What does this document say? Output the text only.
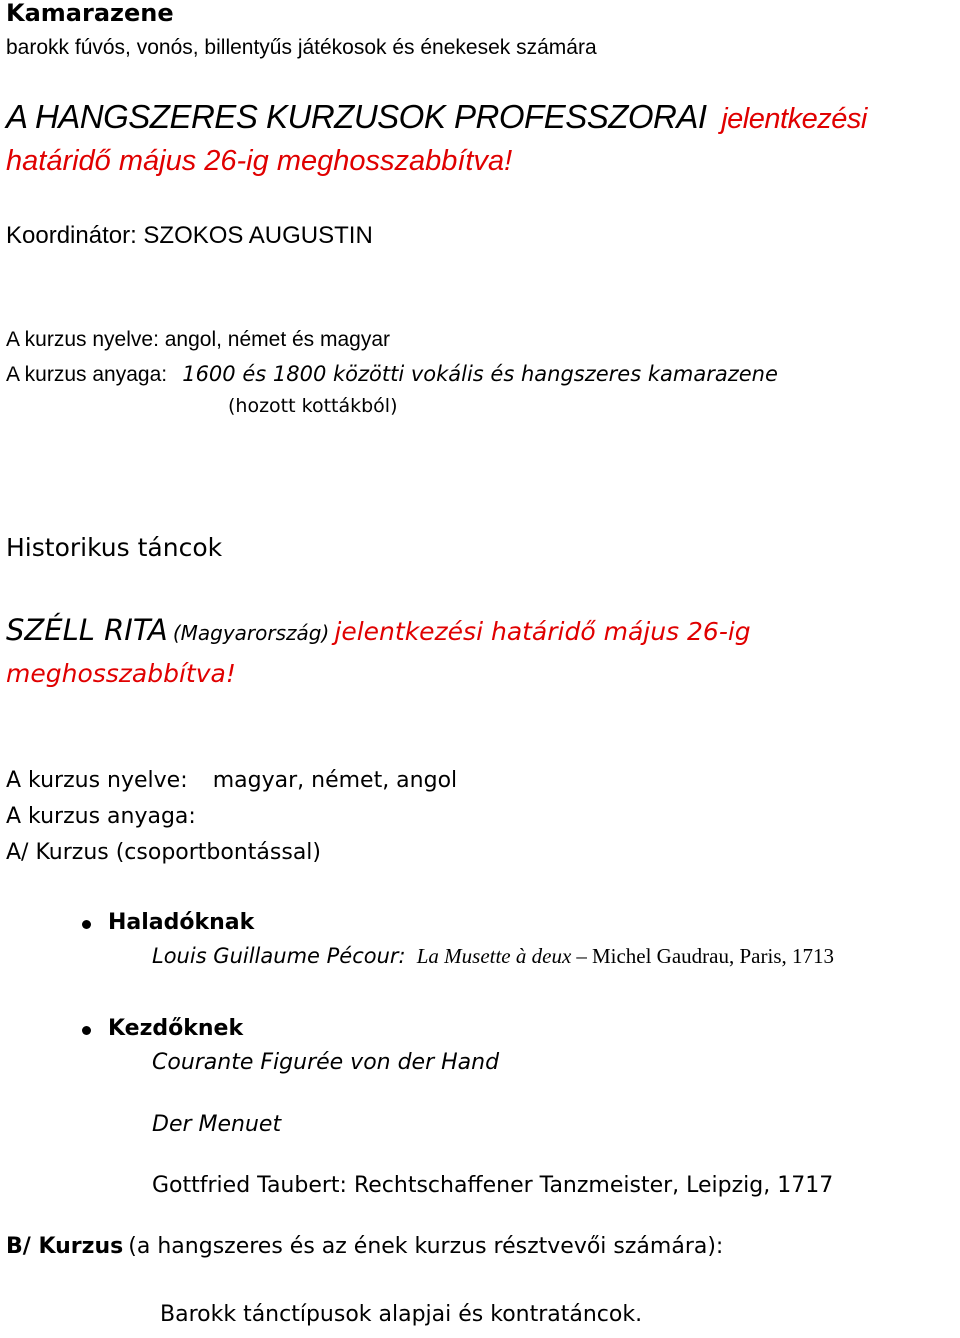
Kamarazene
barokk fúvós, vonós, billentyűs játékosok és énekesek számára
A HANGSZERES KURZUSOK PROFESSZORAI jelentkezési
határidő május 26-ig meghosszabbítva!
Koordinátor: SZOKOS AUGUSTIN
A kurzus nyelve: angol, német és magyar
A kurzus anyaga: 1600 és 1800 közötti vokális és hangszeres kamarazene
(hozott kottákból)
Historikus táncok
SZÉLL RITA (Magyarország) jelentkezési határidő május 26-ig
meghosszabbítva!
A kurzus nyelve: magyar, német, angol
A kurzus anyaga:
A/ Kurzus (csoportbontással)
Haladóknak
Louis Guillaume Pécour: La Musette à deux – Michel Gaudrau, Paris, 1713
Kezdőknek
Courante Figurée von der Hand
Der Menuet
Gottfried Taubert: Rechtschaffener Tanzmeister, Leipzig, 1717
B/ Kurzus (a hangszeres és az ének kurzus résztvevői számára):
Barokk tánctípusok alapjai és kontratáncok.
